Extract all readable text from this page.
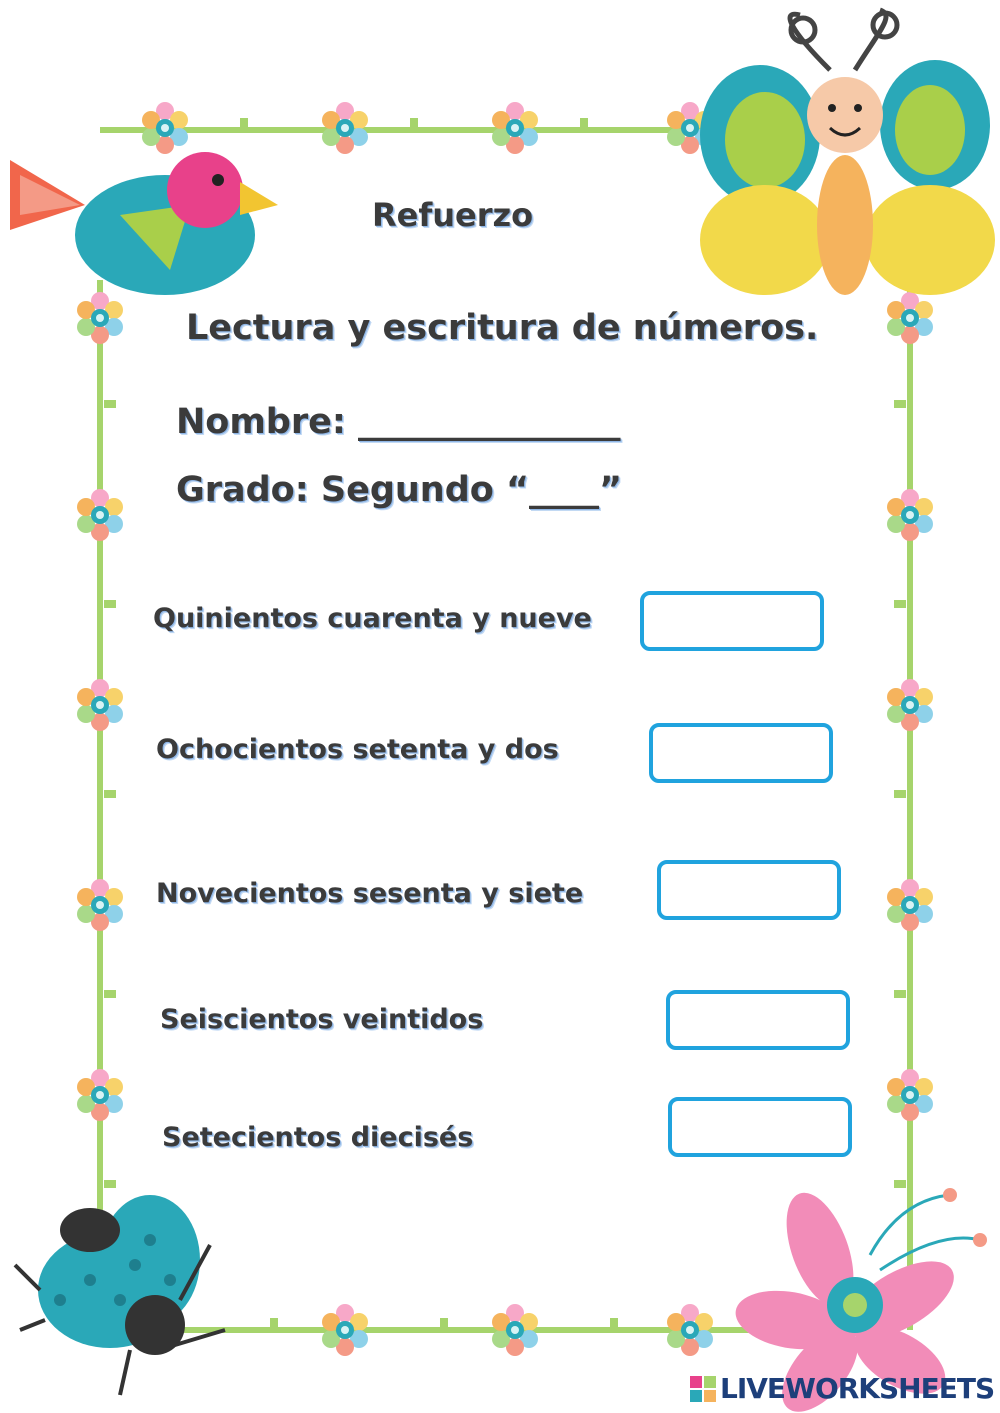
Refuerzo
Lectura y escritura de números.
Nombre: _______________
Grado: Segundo “____”
Quinientos cuarenta y nueve
Ochocientos setenta y dos
Novecientos sesenta y siete
Seiscientos veintidos
Setecientos diecisés
LIVEWORKSHEETS
